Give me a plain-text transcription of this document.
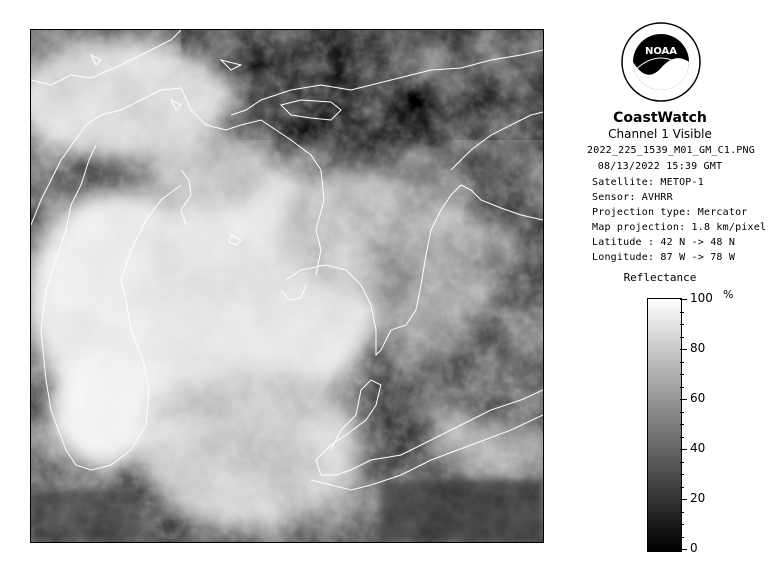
NOAA
CoastWatch
Channel 1 Visible
2022_225_1539_M01_GM_C1.PNG
08/13/2022 15:39 GMT
Satellite: METOP-1
Sensor: AVHRR
Projection type: Mercator
Map projection: 1.8 km/pixel
Latitude : 42 N -> 48 N
Longitude: 87 W -> 78 W
Reflectance
%
100
80
60
40
20
0
